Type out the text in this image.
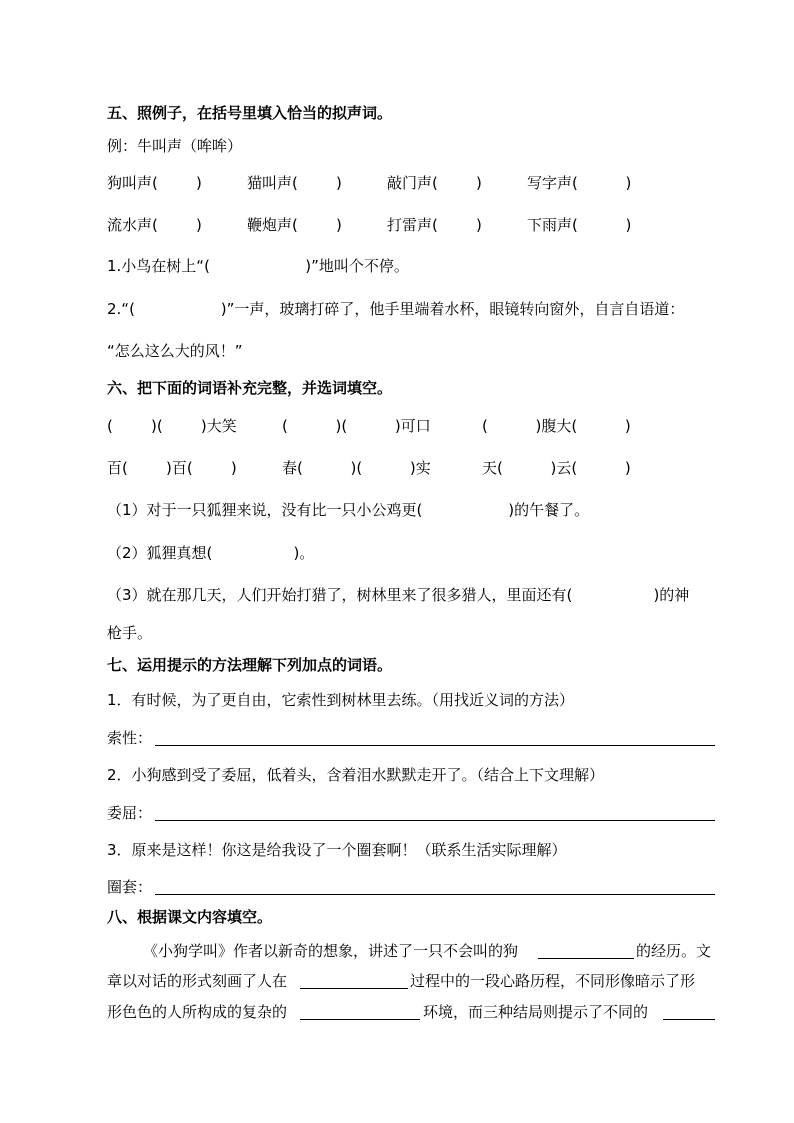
五、照例子，在括号里填入恰当的拟声词。
例：牛叫声（哞哞）
狗叫声(        )	猫叫声(        )	敲门声(        )	写字声(          )
流水声(        )	鞭炮声(        )	打雷声(        )	下雨声(          )
1.小鸟在树上“(                    )”地叫个不停。
2.“(                  )”一声，玻璃打碎了，他手里端着水杯，眼镜转向窗外，自言自语道：
“怎么这么大的风！”
六、把下面的词语补充完整，并选词填空。
(        )(        )大笑	(          )(          )可口	(          )腹大(          )
百(        )百(        )	春(          )(          )实	天(          )云(          )
（1）对于一只狐狸来说，没有比一只小公鸡更(                  )的午餐了。
（2）狐狸真想(                 )。
（3）就在那几天，人们开始打猎了，树林里来了很多猎人，里面还有(                 )的神
枪手。
七、运用提示的方法理解下列加点的词语。
1．有时候，为了更自由，它索性到树林里去练。（用找近义词的方法）
索性：
2．小狗感到受了委屈，低着头，含着泪水默默走开了。（结合上下文理解）
委屈：
3．原来是这样！你这是给我设了一个圈套啊！（联系生活实际理解）
圈套：
八、根据课文内容填空。
《小狗学叫》作者以新奇的想象，讲述了一只不会叫的狗	的经历。文
章以对话的形式刻画了人在	过程中的一段心路历程，不同形像暗示了形
形色色的人所构成的复杂的	环境，而三种结局则提示了不同的
